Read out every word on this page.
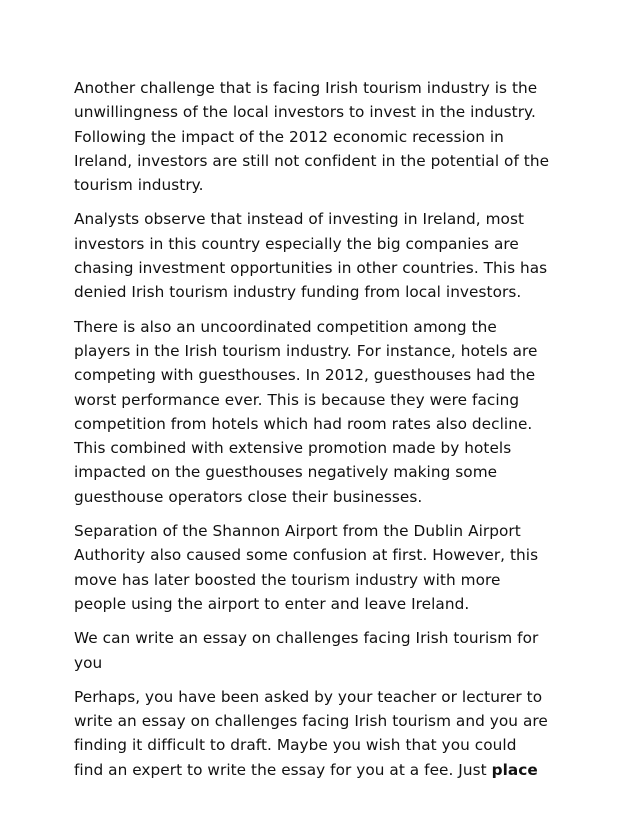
Another challenge that is facing Irish tourism industry is the
unwillingness of the local investors to invest in the industry.
Following the impact of the 2012 economic recession in
Ireland, investors are still not confident in the potential of the
tourism industry.

Analysts observe that instead of investing in Ireland, most
investors in this country especially the big companies are
chasing investment opportunities in other countries. This has
denied Irish tourism industry funding from local investors.

There is also an uncoordinated competition among the
players in the Irish tourism industry. For instance, hotels are
competing with guesthouses. In 2012, guesthouses had the
worst performance ever. This is because they were facing
competition from hotels which had room rates also decline.
This combined with extensive promotion made by hotels
impacted on the guesthouses negatively making some
guesthouse operators close their businesses.

Separation of the Shannon Airport from the Dublin Airport
Authority also caused some confusion at first. However, this
move has later boosted the tourism industry with more
people using the airport to enter and leave Ireland.

We can write an essay on challenges facing Irish tourism for
you

Perhaps, you have been asked by your teacher or lecturer to
write an essay on challenges facing Irish tourism and you are
finding it difficult to draft. Maybe you wish that you could
find an expert to write the essay for you at a fee. Just place
